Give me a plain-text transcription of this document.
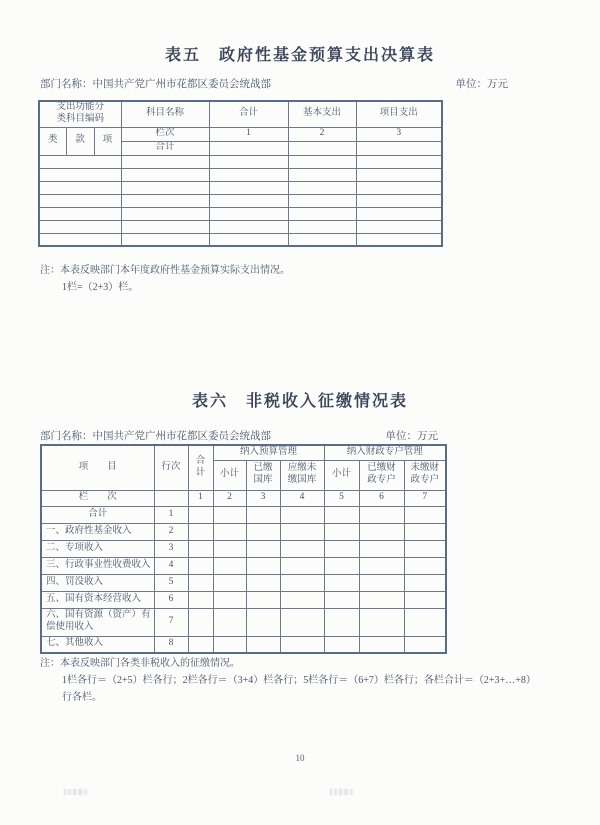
表五　政府性基金预算支出决算表
部门名称：中国共产党广州市花都区委员会统战部	单位：万元
支出功能分类科目编码			科目名称	合计	基本支出	项目支出
类	款	项	栏次	1	2	3
			合计			

注：本表反映部门本年度政府性基金预算实际支出情况。
1栏=（2+3）栏。
表六　非税收入征缴情况表
部门名称：中国共产党广州市花都区委员会统战部	单位：万元
项　　目	行次	合计	纳入预算管理			纳入财政专户管理		
			小计	已缴国库	应缴未缴国库	小计	已缴财政专户	未缴财政专户
栏　　次		1	2	3	4	5	6	7
合计	1							
一、政府性基金收入	2							
二、专项收入	3							
三、行政事业性收费收入	4							
四、罚没收入	5							
五、国有资本经营收入	6							
六、国有资源（资产）有偿使用收入	7							
七、其他收入	8							
注：本表反映部门各类非税收入的征缴情况。
1栏各行＝（2+5）栏各行；2栏各行＝（3+4）栏各行；5栏各行＝（6+7）栏各行；各栏合计＝（2+3+…+8）
行各栏。
10
